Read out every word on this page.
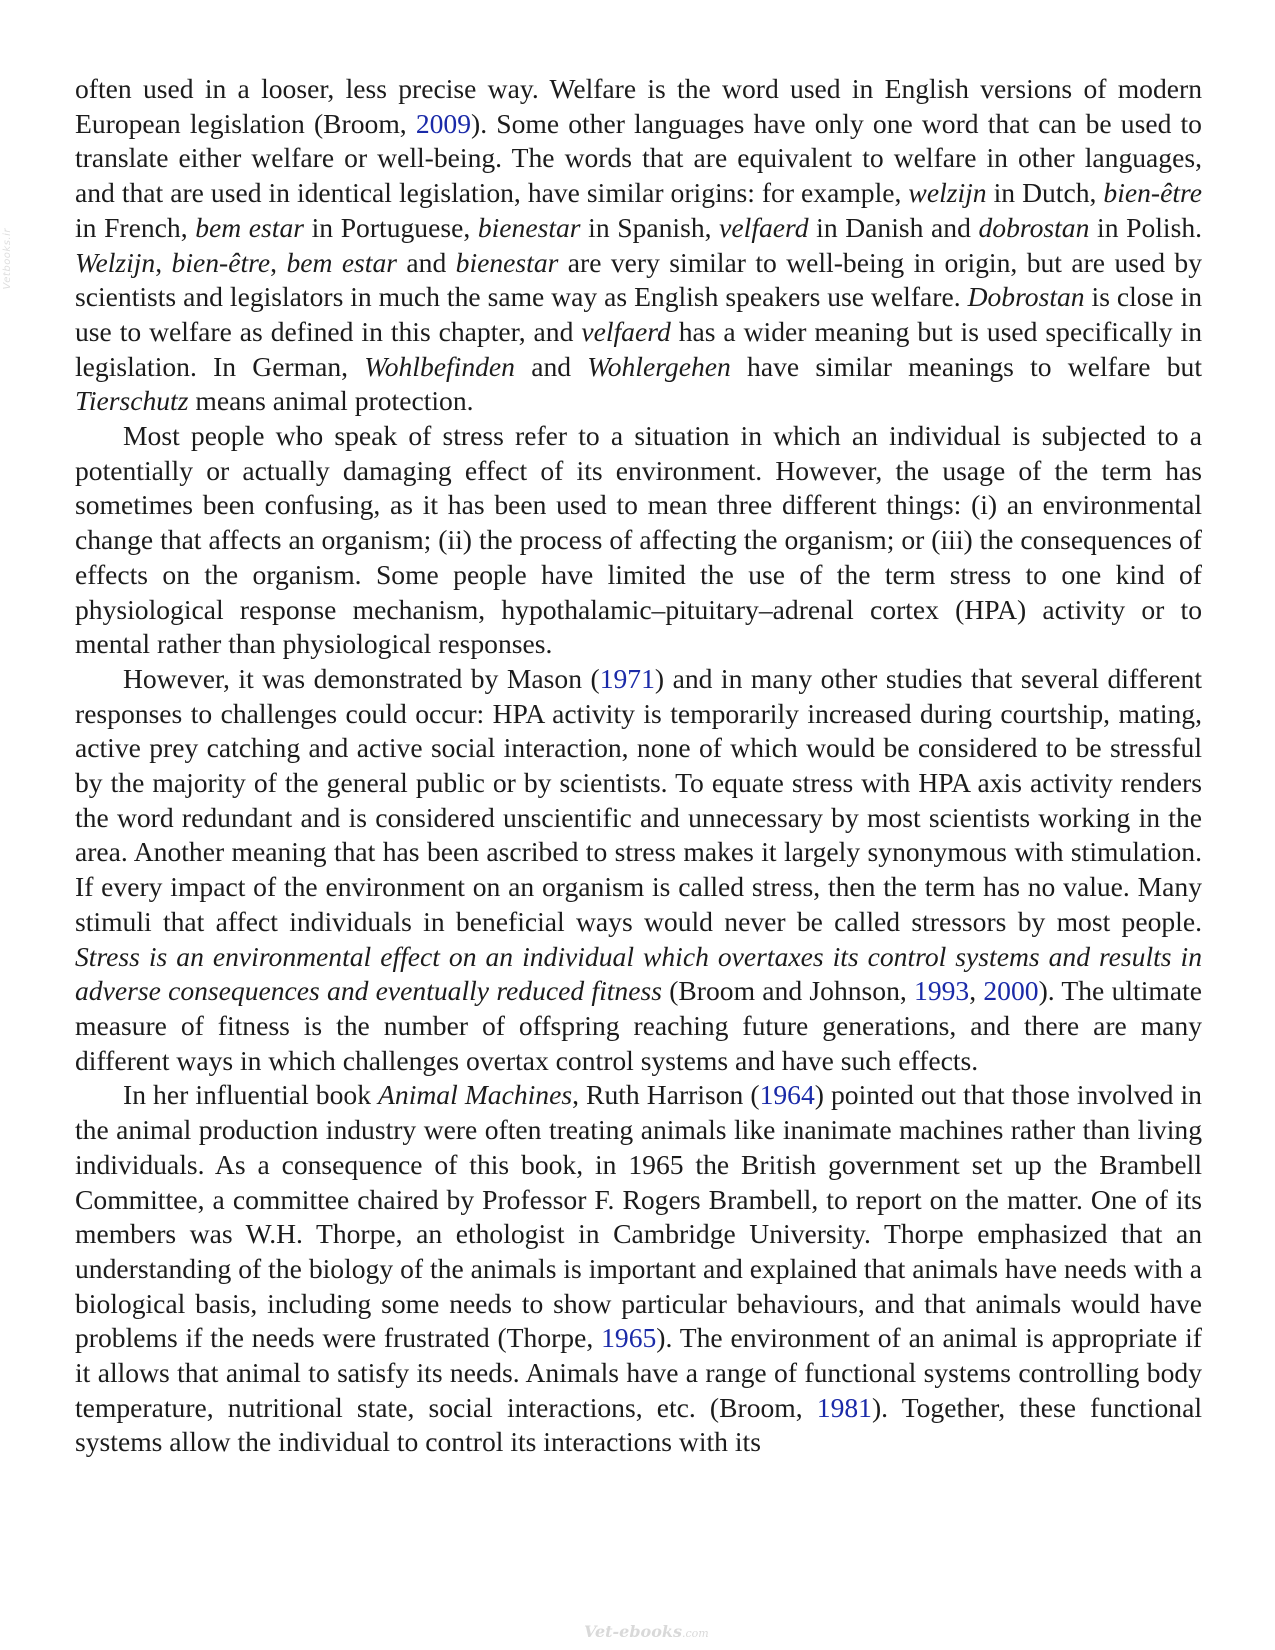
Vetbooks.ir

often used in a looser, less precise way. Welfare is the word used in English versions of modern European legislation (Broom, 2009). Some other languages have only one word that can be used to translate either welfare or well-being. The words that are equivalent to welfare in other languages, and that are used in identical legislation, have similar origins: for example, welzijn in Dutch, bien-être in French, bem estar in Portuguese, bienestar in Spanish, velfaerd in Danish and dobrostan in Polish. Welzijn, bien-être, bem estar and bienestar are very similar to well-being in origin, but are used by scientists and legislators in much the same way as English speakers use welfare. Dobrostan is close in use to welfare as defined in this chapter, and velfaerd has a wider meaning but is used specifically in legislation. In German, Wohlbefinden and Wohlergehen have similar meanings to welfare but Tierschutz means animal protection.

Most people who speak of stress refer to a situation in which an individual is subjected to a potentially or actually damaging effect of its environment. However, the usage of the term has sometimes been confusing, as it has been used to mean three different things: (i) an environmental change that affects an organism; (ii) the process of affecting the organism; or (iii) the consequences of effects on the organism. Some people have limited the use of the term stress to one kind of physiological response mechanism, hypothalamic–pituitary–adrenal cortex (HPA) activity or to mental rather than physiological responses.

However, it was demonstrated by Mason (1971) and in many other studies that several different responses to challenges could occur: HPA activity is temporarily increased during courtship, mating, active prey catching and active social interaction, none of which would be considered to be stressful by the majority of the general public or by scientists. To equate stress with HPA axis activity renders the word redundant and is considered unscientific and unnecessary by most scientists working in the area. Another meaning that has been ascribed to stress makes it largely synonymous with stimulation. If every impact of the environment on an organism is called stress, then the term has no value. Many stimuli that affect individuals in beneficial ways would never be called stressors by most people. Stress is an environmental effect on an individual which overtaxes its control systems and results in adverse consequences and eventually reduced fitness (Broom and Johnson, 1993, 2000). The ultimate measure of fitness is the number of offspring reaching future generations, and there are many different ways in which challenges overtax control systems and have such effects.

In her influential book Animal Machines, Ruth Harrison (1964) pointed out that those involved in the animal production industry were often treating animals like inanimate machines rather than living individuals. As a consequence of this book, in 1965 the British government set up the Brambell Committee, a committee chaired by Professor F. Rogers Brambell, to report on the matter. One of its members was W.H. Thorpe, an ethologist in Cambridge University. Thorpe emphasized that an understanding of the biology of the animals is important and explained that animals have needs with a biological basis, including some needs to show particular behaviours, and that animals would have problems if the needs were frustrated (Thorpe, 1965). The environment of an animal is appropriate if it allows that animal to satisfy its needs. Animals have a range of functional systems controlling body temperature, nutritional state, social interactions, etc. (Broom, 1981). Together, these functional systems allow the individual to control its interactions with its

Vet-ebooks.com
